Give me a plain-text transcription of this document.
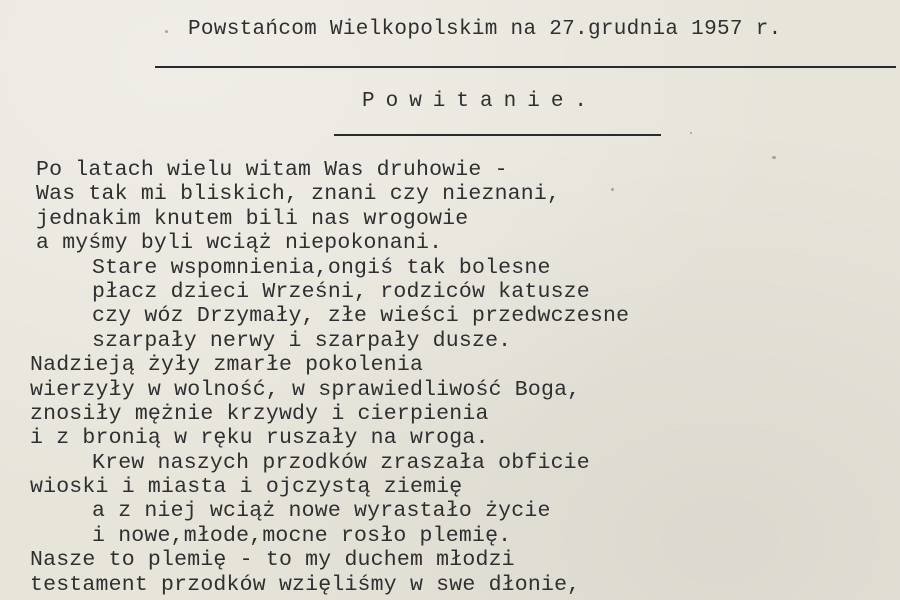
Powstańcom Wielkopolskim na 27.grudnia 1957 r.
Powitanie.
Po latach wielu witam Was druhowie -
Was tak mi bliskich, znani czy nieznani,
jednakim knutem bili nas wrogowie
a myśmy byli wciąż niepokonani.
Stare wspomnienia,ongiś tak bolesne
płacz dzieci Wrześni, rodziców katusze
czy wóz Drzymały, złe wieści przedwczesne
szarpały nerwy i szarpały dusze.
Nadzieją żyły zmarłe pokolenia
wierzyły w wolność, w sprawiedliwość Boga,
znosiły mężnie krzywdy i cierpienia
i z bronią w ręku ruszały na wroga.
Krew naszych przodków zraszała obficie
wioski i miasta i ojczystą ziemię
a z niej wciąż nowe wyrastało życie
i nowe,młode,mocne rosło plemię.
Nasze to plemię - to my duchem młodzi
testament przodków wzięliśmy w swe dłonie,
